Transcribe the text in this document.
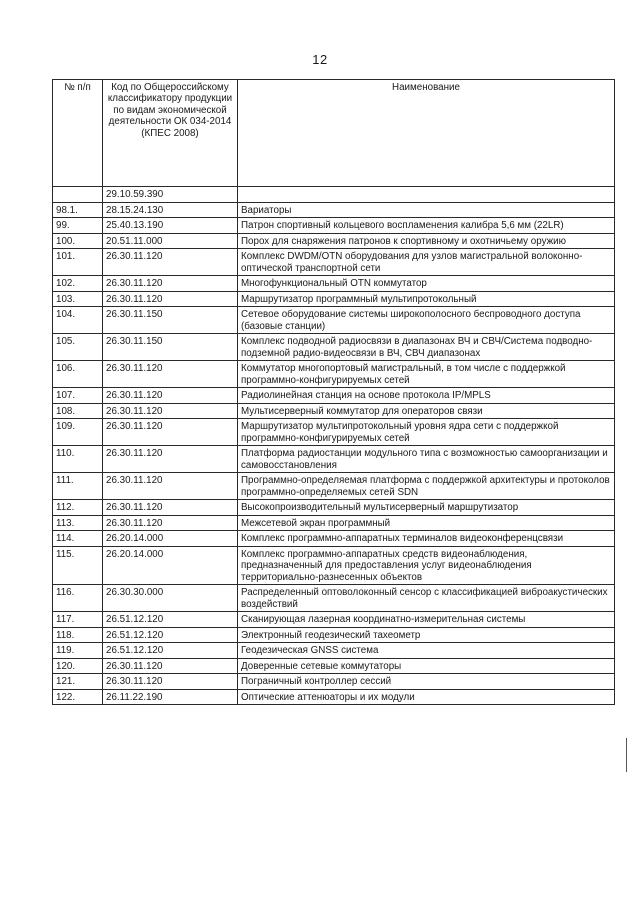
12
№ п/п	Код по Общероссийскому классификатору продукции по видам экономической деятельности ОК 034-2014 (КПЕС 2008)	Наименование
	29.10.59.390	
98.1.	28.15.24.130	Вариаторы
99.	25.40.13.190	Патрон спортивный кольцевого воспламенения калибра 5,6 мм (22LR)
100.	20.51.11.000	Порох для снаряжения патронов к спортивному и охотничьему оружию
101.	26.30.11.120	Комплекс DWDM/OTN оборудования для узлов магистральной волоконно-оптической транспортной сети
102.	26.30.11.120	Многофункциональный OTN коммутатор
103.	26.30.11.120	Маршрутизатор программный мультипротокольный
104.	26.30.11.150	Сетевое оборудование системы широкополосного беспроводного доступа (базовые станции)
105.	26.30.11.150	Комплекс подводной радиосвязи в диапазонах ВЧ и СВЧ/Система подводно-подземной радио-видеосвязи в ВЧ, СВЧ диапазонах
106.	26.30.11.120	Коммутатор многопортовый магистральный, в том числе с поддержкой программно-конфигурируемых сетей
107.	26.30.11.120	Радиолинейная станция на основе протокола IP/MPLS
108.	26.30.11.120	Мультисерверный коммутатор для операторов связи
109.	26.30.11.120	Маршрутизатор мультипротокольный уровня ядра сети с поддержкой программно-конфигурируемых сетей
110.	26.30.11.120	Платформа радиостанции модульного типа с возможностью самоорганизации и самовосстановления
111.	26.30.11.120	Программно-определяемая платформа с поддержкой архитектуры и протоколов программно-определяемых сетей SDN
112.	26.30.11.120	Высокопроизводительный мультисерверный маршрутизатор
113.	26.30.11.120	Межсетевой экран программный
114.	26.20.14.000	Комплекс программно-аппаратных терминалов видеоконференцсвязи
115.	26.20.14.000	Комплекс программно-аппаратных средств видеонаблюдения, предназначенный для предоставления услуг видеонаблюдения территориально-разнесенных объектов
116.	26.30.30.000	Распределенный оптоволоконный сенсор с классификацией виброакустических воздействий
117.	26.51.12.120	Сканирующая лазерная координатно-измерительная системы
118.	26.51.12.120	Электронный геодезический тахеометр
119.	26.51.12.120	Геодезическая GNSS система
120.	26.30.11.120	Доверенные сетевые коммутаторы
121.	26.30.11.120	Пограничный контроллер сессий
122.	26.11.22.190	Оптические аттенюаторы и их модули
